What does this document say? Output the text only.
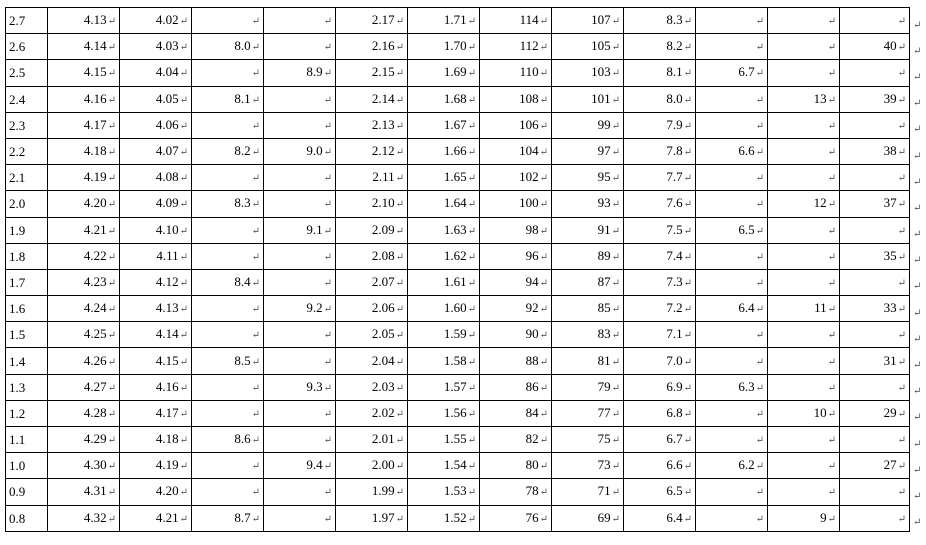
2.7	4.13↵	4.02↵	↵	↵	2.17↵	1.71↵	114↵	107↵	8.3↵	↵	↵	↵
2.6	4.14↵	4.03↵	8.0↵	↵	2.16↵	1.70↵	112↵	105↵	8.2↵	↵	↵	40↵
2.5	4.15↵	4.04↵	↵	8.9↵	2.15↵	1.69↵	110↵	103↵	8.1↵	6.7↵	↵	↵
2.4	4.16↵	4.05↵	8.1↵	↵	2.14↵	1.68↵	108↵	101↵	8.0↵	↵	13↵	39↵
2.3	4.17↵	4.06↵	↵	↵	2.13↵	1.67↵	106↵	99↵	7.9↵	↵	↵	↵
2.2	4.18↵	4.07↵	8.2↵	9.0↵	2.12↵	1.66↵	104↵	97↵	7.8↵	6.6↵	↵	38↵
2.1	4.19↵	4.08↵	↵	↵	2.11↵	1.65↵	102↵	95↵	7.7↵	↵	↵	↵
2.0	4.20↵	4.09↵	8.3↵	↵	2.10↵	1.64↵	100↵	93↵	7.6↵	↵	12↵	37↵
1.9	4.21↵	4.10↵	↵	9.1↵	2.09↵	1.63↵	98↵	91↵	7.5↵	6.5↵	↵	↵
1.8	4.22↵	4.11↵	↵	↵	2.08↵	1.62↵	96↵	89↵	7.4↵	↵	↵	35↵
1.7	4.23↵	4.12↵	8.4↵	↵	2.07↵	1.61↵	94↵	87↵	7.3↵	↵	↵	↵
1.6	4.24↵	4.13↵	↵	9.2↵	2.06↵	1.60↵	92↵	85↵	7.2↵	6.4↵	11↵	33↵
1.5	4.25↵	4.14↵	↵	↵	2.05↵	1.59↵	90↵	83↵	7.1↵	↵	↵	↵
1.4	4.26↵	4.15↵	8.5↵	↵	2.04↵	1.58↵	88↵	81↵	7.0↵	↵	↵	31↵
1.3	4.27↵	4.16↵	↵	9.3↵	2.03↵	1.57↵	86↵	79↵	6.9↵	6.3↵	↵	↵
1.2	4.28↵	4.17↵	↵	↵	2.02↵	1.56↵	84↵	77↵	6.8↵	↵	10↵	29↵
1.1	4.29↵	4.18↵	8.6↵	↵	2.01↵	1.55↵	82↵	75↵	6.7↵	↵	↵	↵
1.0	4.30↵	4.19↵	↵	9.4↵	2.00↵	1.54↵	80↵	73↵	6.6↵	6.2↵	↵	27↵
0.9	4.31↵	4.20↵	↵	↵	1.99↵	1.53↵	78↵	71↵	6.5↵	↵	↵	↵
0.8	4.32↵	4.21↵	8.7↵	↵	1.97↵	1.52↵	76↵	69↵	6.4↵	↵	9↵	↵
↵
↵
↵
↵
↵
↵
↵
↵
↵
↵
↵
↵
↵
↵
↵
↵
↵
↵
↵
↵
